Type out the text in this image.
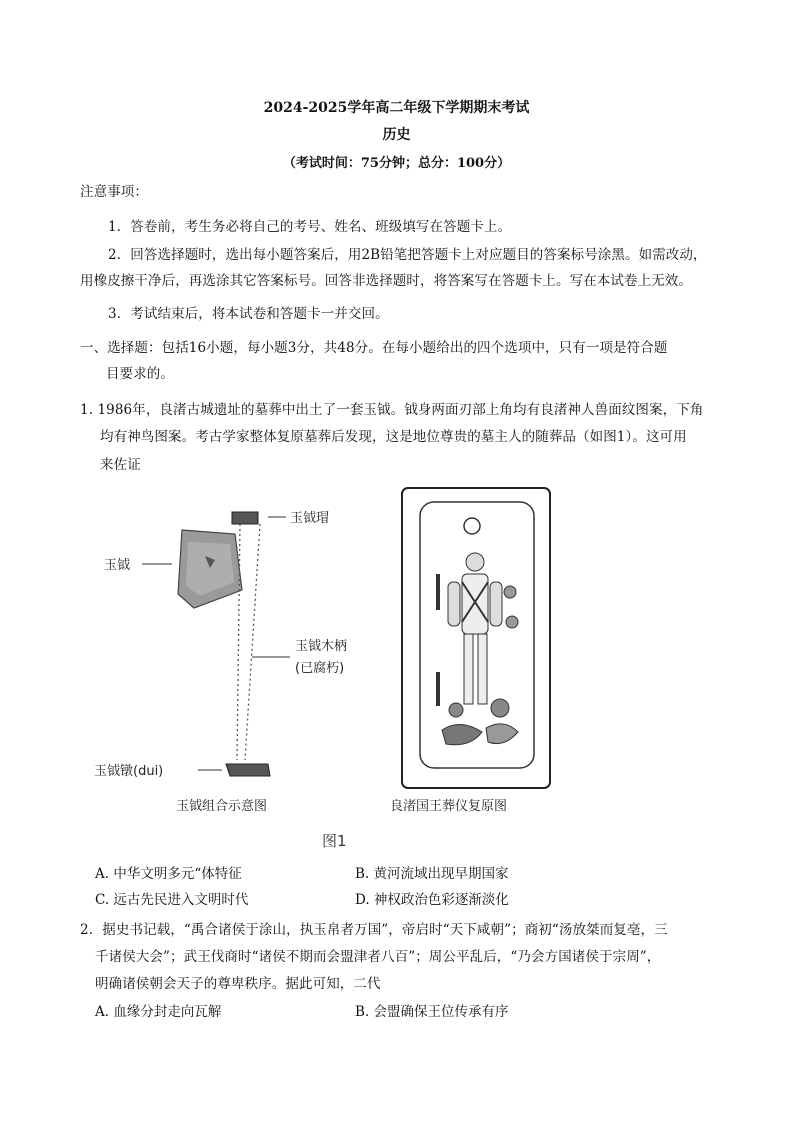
2024-2025学年高二年级下学期期末考试
历史
（考试时间：75分钟；总分：100分）
注意事项：
1．答卷前，考生务必将自己的考号、姓名、班级填写在答题卡上。
2．回答选择题时，选出每小题答案后，用2B铅笔把答题卡上对应题目的答案标号涂黑。如需改动，
用橡皮擦干净后，再选涂其它答案标号。回答非选择题时，将答案写在答题卡上。写在本试卷上无效。
3．考试结束后，将本试卷和答题卡一并交回。
一、选择题：包括16小题，每小题3分，共48分。在每小题给出的四个选项中，只有一项是符合题
目要求的。
1. 1986年，良渚古城遗址的墓葬中出土了一套玉钺。钺身两面刃部上角均有良渚神人兽面纹图案，下角
均有神鸟图案。考古学家整体复原墓葬后发现，这是地位尊贵的墓主人的随葬品（如图1）。这可用
来佐证
玉钺瑁
玉钺
玉钺木柄
(已腐朽)
玉钺镦(dui)
玉钺组合示意图	良渚国王葬仪复原图
图1
A. 中华文明多元“体特征	B. 黄河流域出现早期国家
C. 远古先民进入文明时代	D. 神权政治色彩逐渐淡化
2．据史书记载，“禹合诸侯于涂山，执玉帛者万国”，帝启时“天下咸朝”；商初“汤放桀而复亳，三
千诸侯大会”；武王伐商时“诸侯不期而会盟津者八百”；周公平乱后，“乃会方国诸侯于宗周”，
明确诸侯朝会天子的尊卑秩序。据此可知，二代
A. 血缘分封走向瓦解	B. 会盟确保王位传承有序
